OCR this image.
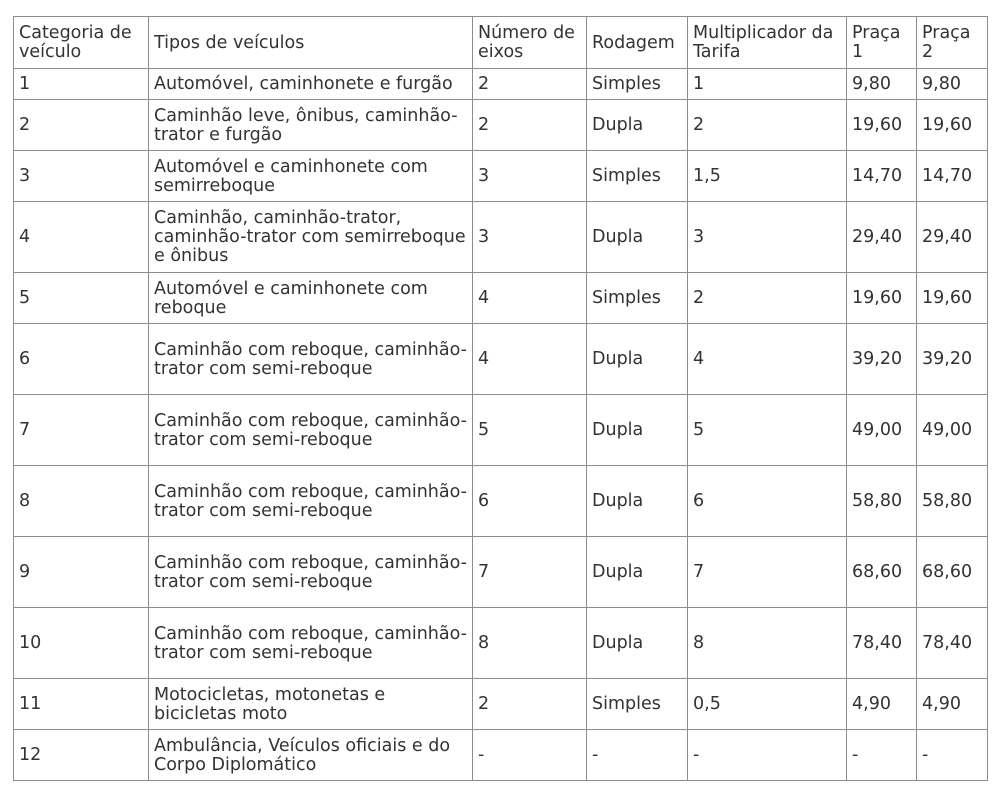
Categoria de veículo	Tipos de veículos	Número de eixos	Rodagem	Multiplicador da Tarifa	Praça 1	Praça 2
1	Automóvel, caminhonete e furgão	2	Simples	1	9,80	9,80
2	Caminhão leve, ônibus, caminhão-trator e furgão	2	Dupla	2	19,60	19,60
3	Automóvel e caminhonete com semirreboque	3	Simples	1,5	14,70	14,70
4	Caminhão, caminhão-trator, caminhão-trator com semirreboque e ônibus	3	Dupla	3	29,40	29,40
5	Automóvel e caminhonete com reboque	4	Simples	2	19,60	19,60
6	Caminhão com reboque, caminhão-trator com semi-reboque	4	Dupla	4	39,20	39,20
7	Caminhão com reboque, caminhão-trator com semi-reboque	5	Dupla	5	49,00	49,00
8	Caminhão com reboque, caminhão-trator com semi-reboque	6	Dupla	6	58,80	58,80
9	Caminhão com reboque, caminhão-trator com semi-reboque	7	Dupla	7	68,60	68,60
10	Caminhão com reboque, caminhão-trator com semi-reboque	8	Dupla	8	78,40	78,40
11	Motocicletas, motonetas e bicicletas moto	2	Simples	0,5	4,90	4,90
12	Ambulância, Veículos oficiais e do Corpo Diplomático	-	-	-	-	-
